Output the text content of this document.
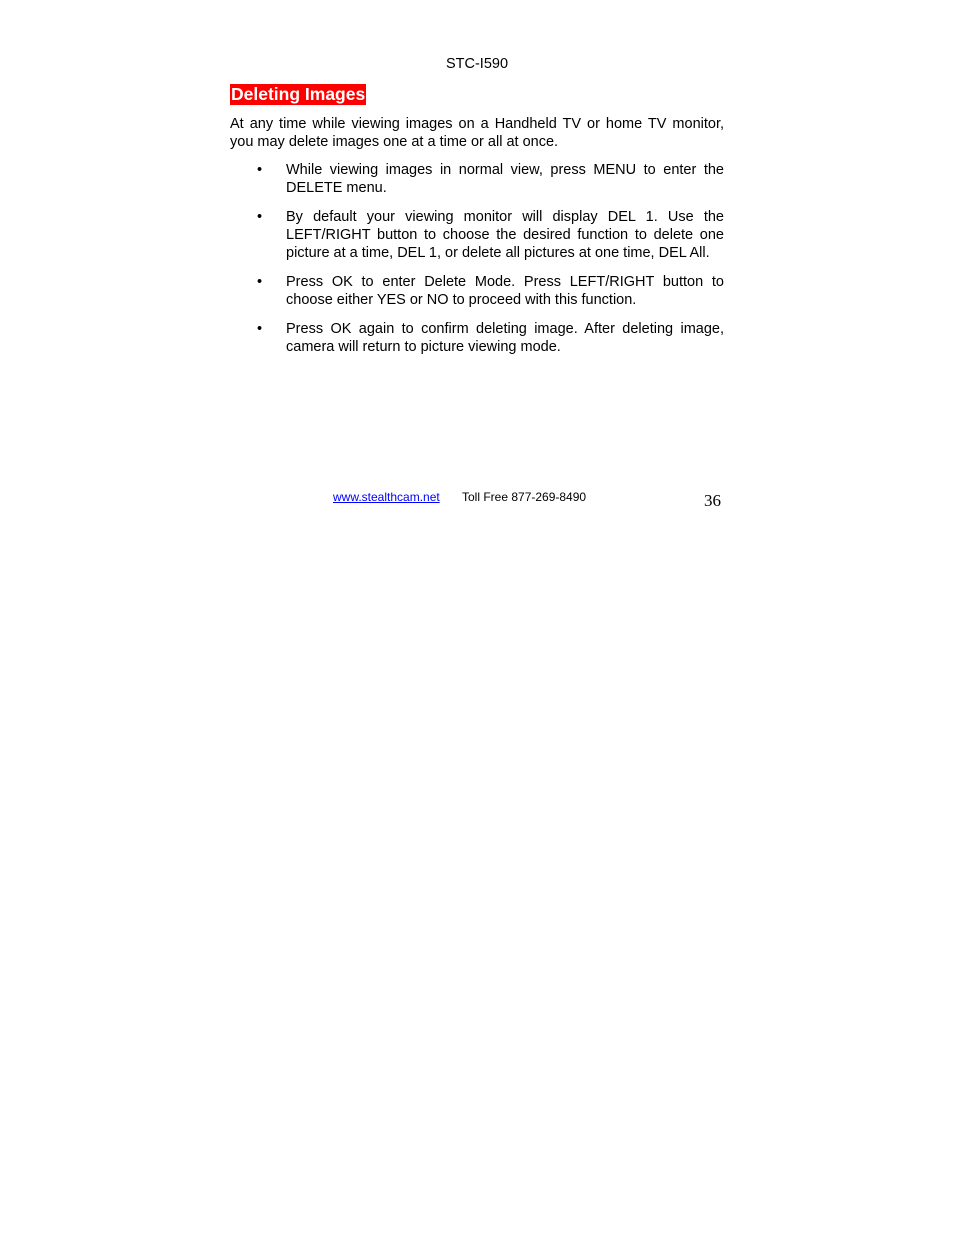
STC-I590
Deleting Images

At any time while viewing images on a Handheld TV or home TV monitor, you may delete images one at a time or all at once.

• While viewing images in normal view, press MENU to enter the DELETE menu.
• By default your viewing monitor will display DEL 1. Use the LEFT/RIGHT button to choose the desired function to delete one picture at a time, DEL 1, or delete all pictures at one time, DEL All.
• Press OK to enter Delete Mode. Press LEFT/RIGHT button to choose either YES or NO to proceed with this function.
• Press OK again to confirm deleting image. After deleting image, camera will return to picture viewing mode.
www.stealthcam.net Toll Free 877-269-8490	36
